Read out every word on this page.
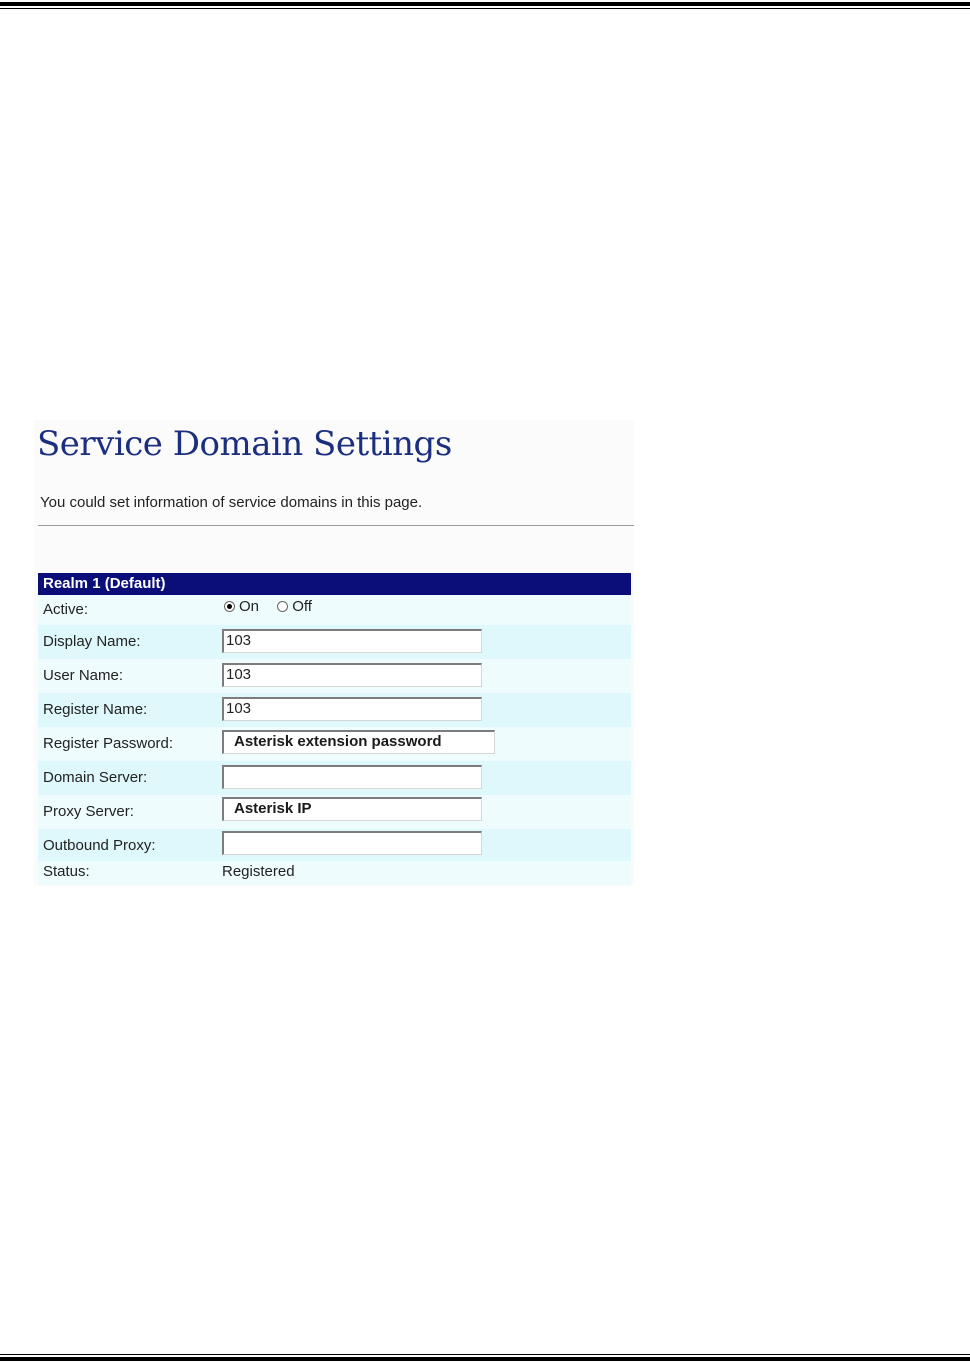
Service Domain Settings
You could set information of service domains in this page.
Realm 1 (Default)
Active:	On Off
Display Name:	103
User Name:	103
Register Name:	103
Register Password:	Asterisk extension password
Domain Server:
Proxy Server:	Asterisk IP
Outbound Proxy:
Status:	Registered
